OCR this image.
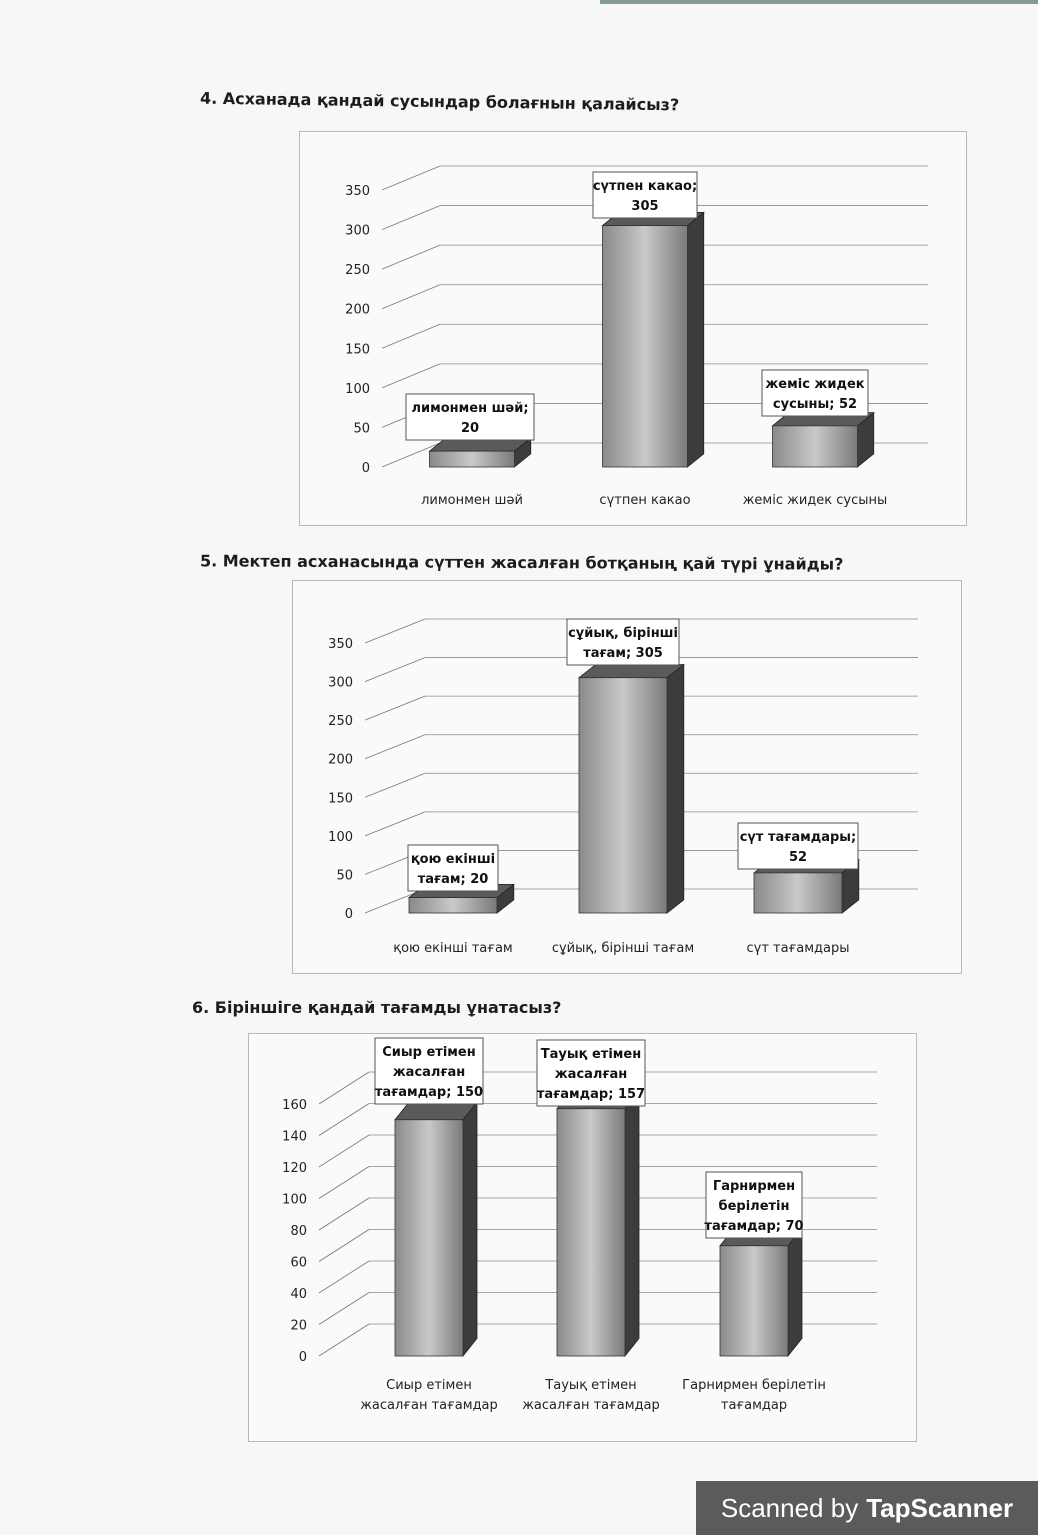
4. Асханада қандай сусындар болағнын қалайсыз?
0
50
100
150
200
250
300
350
лимонмен шәй;
20
лимонмен шәй
сүтпен какао;
305
сүтпен какао
жеміс жидек
сусыны; 52
жеміс жидек сусыны
5. Мектеп асханасында сүттен жасалған ботқаның қай түрі ұнайды?
0
50
100
150
200
250
300
350
қою екінші
тағам; 20
қою екінші тағам
сұйық, бірінші
тағам; 305
сұйық, бірінші тағам
сүт тағамдары;
52
сүт тағамдары
6. Біріншіге қандай тағамды ұнатасыз?
0
20
40
60
80
100
120
140
160
Сиыр етімен
жасалған
тағамдар; 150
Сиыр етімен
жасалған тағамдар
Тауық етімен
жасалған
тағамдар; 157
Тауық етімен
жасалған тағамдар
Гарнирмен
берілетін
тағамдар; 70
Гарнирмен берілетін
тағамдар
Scanned by TapScanner
